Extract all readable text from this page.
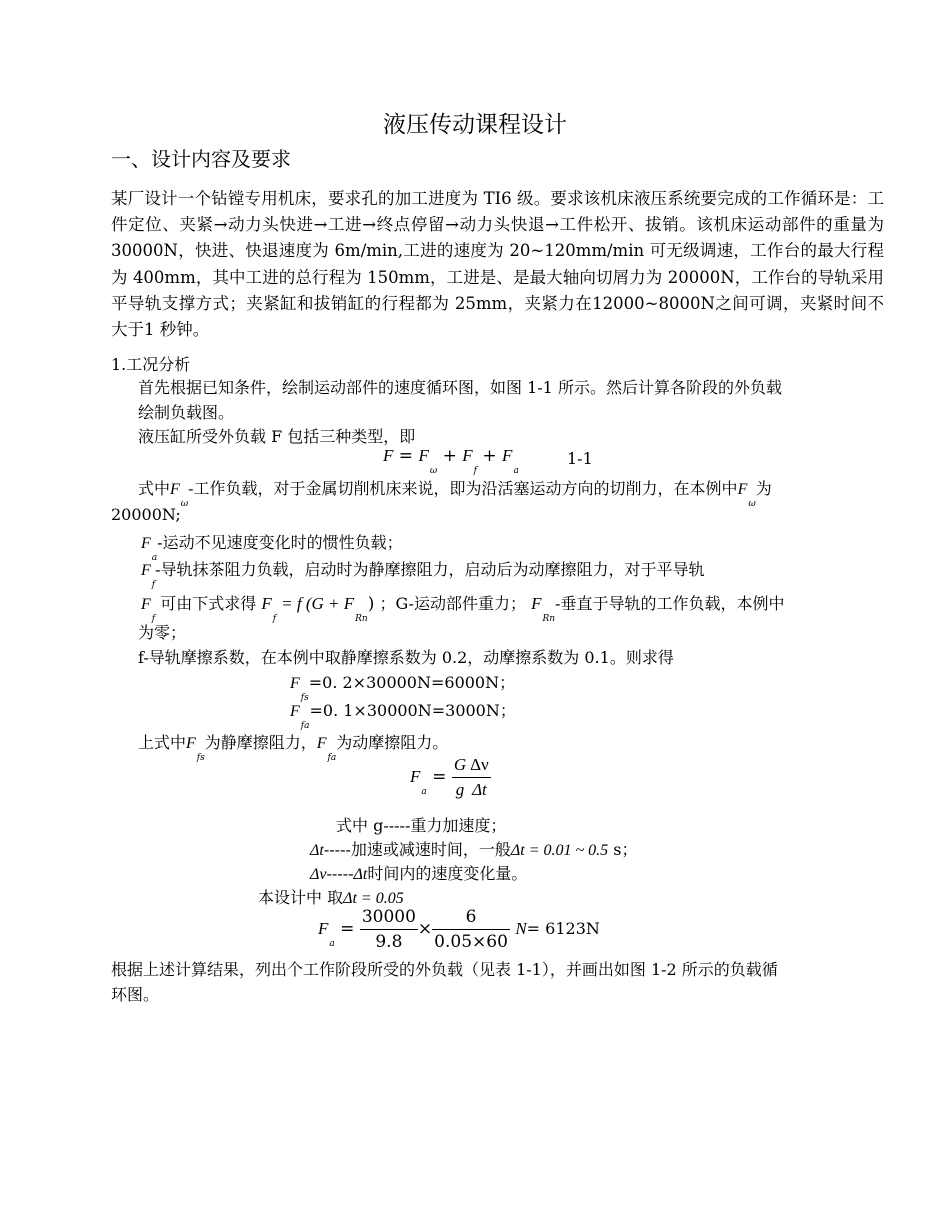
液压传动课程设计
一、设计内容及要求
某厂设计一个钻镗专用机床，要求孔的加工进度为 TI6 级。要求该机床液压系统要完成的工作循环是：工件定位、夹紧→动力头快进→工进→终点停留→动力头快退→工件松开、拔销。该机床运动部件的重量为 30000N，快进、快退速度为 6m/min,工进的速度为 20~120mm/min 可无级调速，工作台的最大行程为 400mm，其中工进的总行程为 150mm，工进是、是最大轴向切屑力为 20000N，工作台的导轨采用平导轨支撑方式；夹紧缸和拔销缸的行程都为 25mm，夹紧力在12000~8000N之间可调，夹紧时间不大于1 秒钟。
1.工况分析
首先根据已知条件，绘制运动部件的速度循环图，如图 1-1 所示。然后计算各阶段的外负载
绘制负载图。
液压缸所受外负载 F 包括三种类型，即
$F = F_\omega + F_f + F_a$
1-1
式中$F_\omega-$工作负载，对于金属切削机床来说，即为沿活塞运动方向的切削力，在本例中$F_\omega$为
20000N;
$F_a-$运动不见速度变化时的惯性负载；
$F_f-$导轨抹茶阻力负载，启动时为静摩擦阻力，启动后为动摩擦阻力，对于平导轨
$F_f$ 可由下式求得 $F_f = f$ $(G + F_{Rn})$ ；G-运动部件重力； $F_{Rn}-$垂直于导轨的工作负载，本例中
为零；
f-导轨摩擦系数，在本例中取静摩擦系数为 0.2，动摩擦系数为 0.1。则求得
$F_{fs}=0$. 2×30000N=6000N；
$F_{fa}=0$. 1×30000N=3000N；
上式中$F_{fs}$为静摩擦阻力，$F_{fa}$为动摩擦阻力。
$F_a = \frac{G}{g} \frac{\Delta\nu}{\Delta t}$
式中 g-----重力加速度；
Δt-----加速或减速时间，一般Δt = 0.01 ~ 0.5 s；
Δν-----Δt时间内的速度变化量。
本设计中 取Δt = 0.05
$F_a = \frac{30000}{9.8} \times \frac{6}{0.05\times 60} N= 6123N$
根据上述计算结果，列出个工作阶段所受的外负载（见表 1-1），并画出如图 1-2 所示的负载循
环图。
